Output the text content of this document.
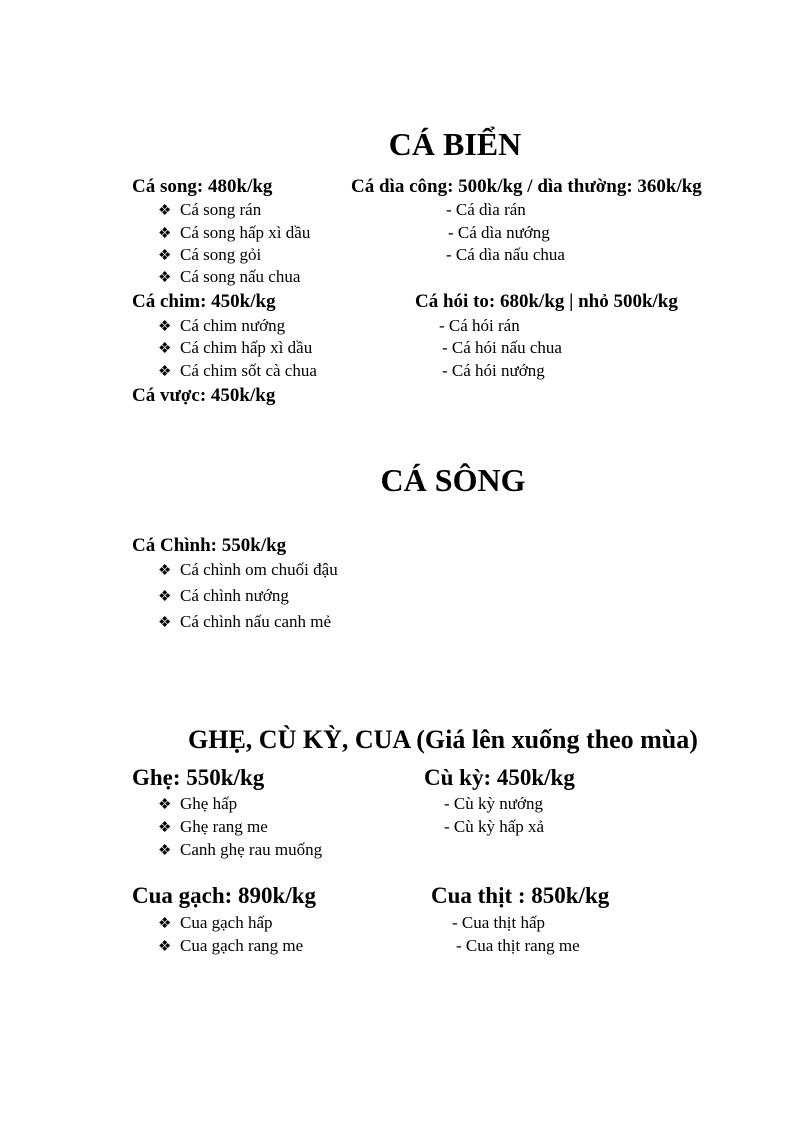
CÁ BIỂN
Cá song: 480k/kg
❖ Cá song rán
❖ Cá song hấp xì dầu
❖ Cá song gỏi
❖ Cá song nấu chua
Cá dìa công: 500k/kg / dìa thường: 360k/kg
- Cá dìa rán
- Cá dìa nướng
- Cá dìa nấu chua
Cá chim: 450k/kg
❖ Cá chim nướng
❖ Cá chim hấp xì dầu
❖ Cá chim sốt cà chua
Cá hói to: 680k/kg | nhỏ 500k/kg
- Cá hói rán
- Cá hói nấu chua
- Cá hói nướng
Cá vược: 450k/kg
CÁ SÔNG
Cá Chình: 550k/kg
❖ Cá chình om chuối đậu
❖ Cá chình nướng
❖ Cá chình nấu canh mẻ
GHẸ, CÙ KỲ, CUA (Giá lên xuống theo mùa)
Ghẹ: 550k/kg
❖ Ghẹ hấp
❖ Ghẹ rang me
❖ Canh ghẹ rau muống
Cù kỳ: 450k/kg
- Cù kỳ nướng
- Cù kỳ hấp xả
Cua gạch: 890k/kg
❖ Cua gạch hấp
❖ Cua gạch rang me
Cua thịt : 850k/kg
- Cua thịt hấp
- Cua thịt rang me
